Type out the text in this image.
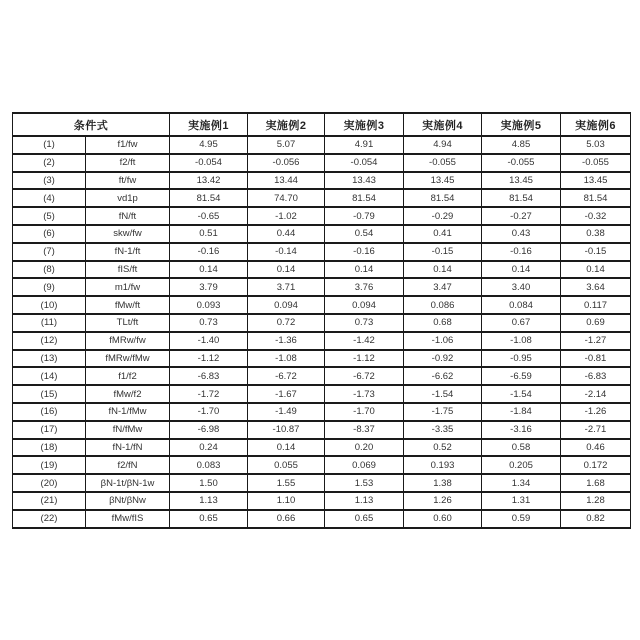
条件式		実施例1	実施例2	実施例3	実施例4	実施例5	実施例6
(1)	f1/fw	4.95	5.07	4.91	4.94	4.85	5.03
(2)	f2/ft	-0.054	-0.056	-0.054	-0.055	-0.055	-0.055
(3)	ft/fw	13.42	13.44	13.43	13.45	13.45	13.45
(4)	vd1p	81.54	74.70	81.54	81.54	81.54	81.54
(5)	fN/ft	-0.65	-1.02	-0.79	-0.29	-0.27	-0.32
(6)	skw/fw	0.51	0.44	0.54	0.41	0.43	0.38
(7)	fN-1/ft	-0.16	-0.14	-0.16	-0.15	-0.16	-0.15
(8)	fIS/ft	0.14	0.14	0.14	0.14	0.14	0.14
(9)	m1/fw	3.79	3.71	3.76	3.47	3.40	3.64
(10)	fMw/ft	0.093	0.094	0.094	0.086	0.084	0.117
(11)	TLt/ft	0.73	0.72	0.73	0.68	0.67	0.69
(12)	fMRw/fw	-1.40	-1.36	-1.42	-1.06	-1.08	-1.27
(13)	fMRw/fMw	-1.12	-1.08	-1.12	-0.92	-0.95	-0.81
(14)	f1/f2	-6.83	-6.72	-6.72	-6.62	-6.59	-6.83
(15)	fMw/f2	-1.72	-1.67	-1.73	-1.54	-1.54	-2.14
(16)	fN-1/fMw	-1.70	-1.49	-1.70	-1.75	-1.84	-1.26
(17)	fN/fMw	-6.98	-10.87	-8.37	-3.35	-3.16	-2.71
(18)	fN-1/fN	0.24	0.14	0.20	0.52	0.58	0.46
(19)	f2/fN	0.083	0.055	0.069	0.193	0.205	0.172
(20)	βN-1t/βN-1w	1.50	1.55	1.53	1.38	1.34	1.68
(21)	βNt/βNw	1.13	1.10	1.13	1.26	1.31	1.28
(22)	fMw/fIS	0.65	0.66	0.65	0.60	0.59	0.82
